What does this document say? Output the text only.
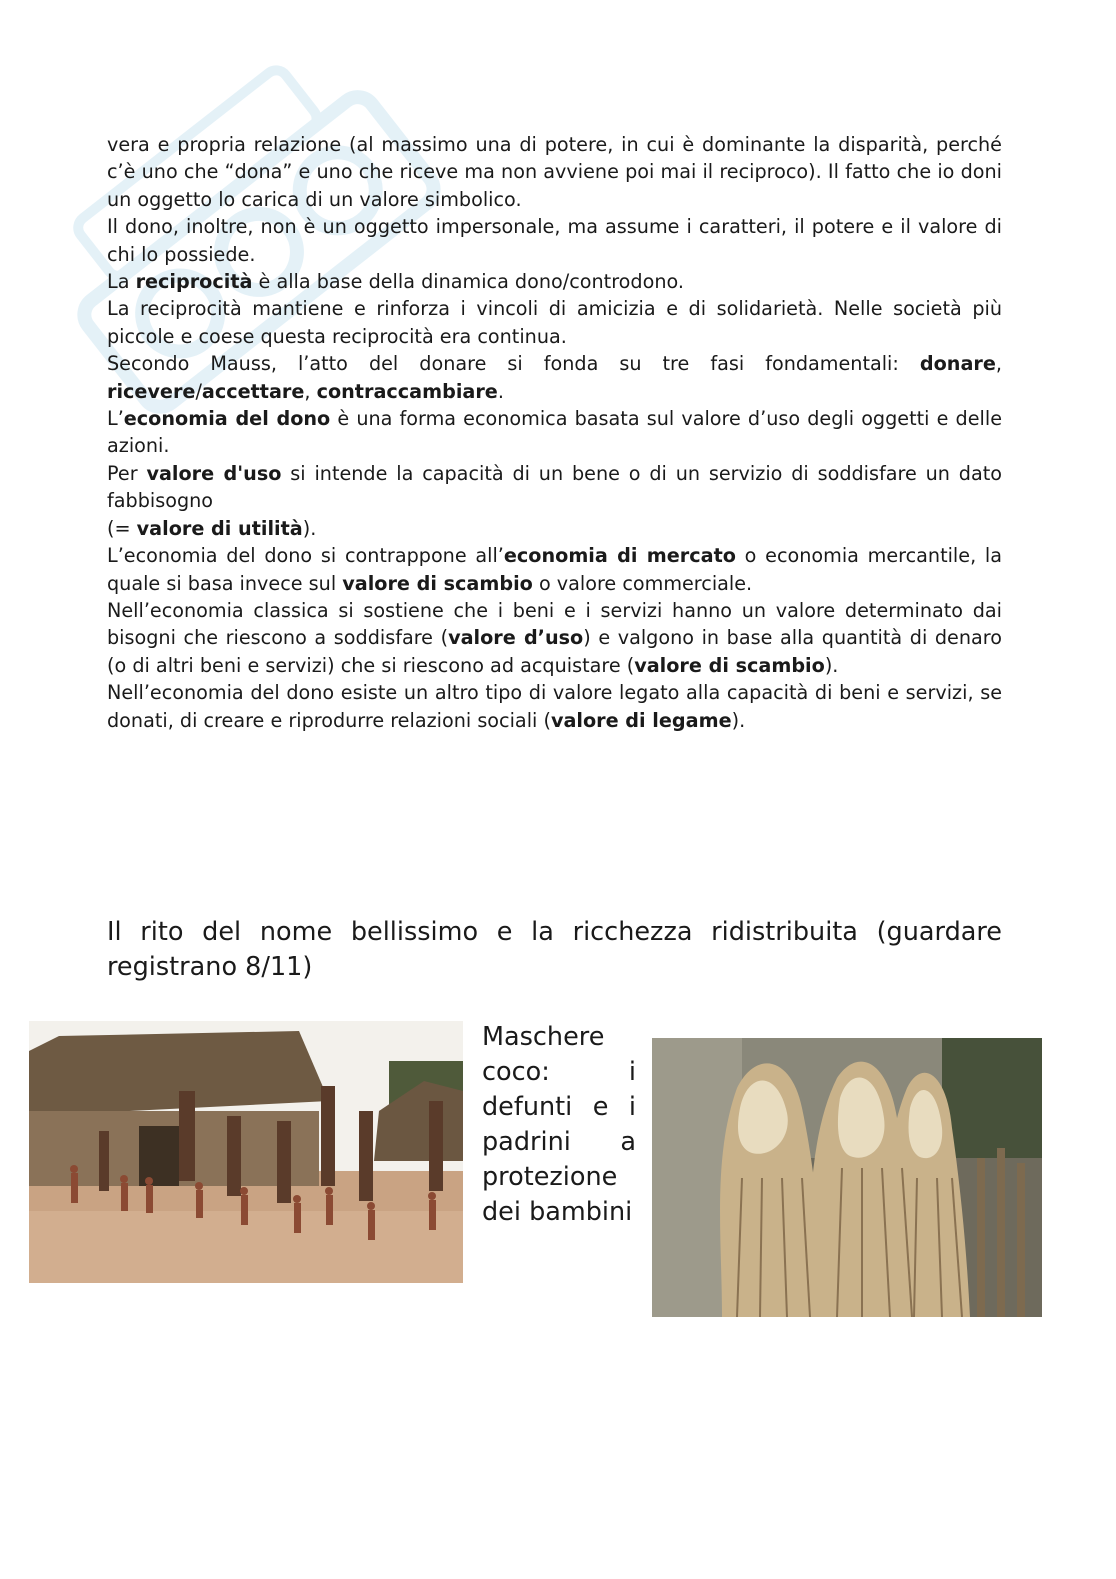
vera e propria relazione (al massimo una di potere, in cui è dominante la disparità, perché c’è uno che “dona” e uno che riceve ma non avviene poi mai il reciproco). Il fatto che io doni un oggetto lo carica di un valore simbolico.

Il dono, inoltre, non è un oggetto impersonale, ma assume i caratteri, il potere e il valore di chi lo possiede.

La reciprocità è alla base della dinamica dono/controdono.

La reciprocità mantiene e rinforza i vincoli di amicizia e di solidarietà. Nelle società più piccole e coese questa reciprocità era continua.

Secondo Mauss, l’atto del donare si fonda su tre fasi fondamentali: donare, ricevere/accettare, contraccambiare.

L’economia del dono è una forma economica basata sul valore d’uso degli oggetti e delle azioni.

Per valore d'uso si intende la capacità di un bene o di un servizio di soddisfare un dato fabbisogno

(= valore di utilità).

L’economia del dono si contrappone all’economia di mercato o economia mercantile, la quale si basa invece sul valore di scambio o valore commerciale.

Nell’economia classica si sostiene che i beni e i servizi hanno un valore determinato dai bisogni che riescono a soddisfare (valore d’uso) e valgono in base alla quantità di denaro (o di altri beni e servizi) che si riescono ad acquistare (valore di scambio).

Nell’economia del dono esiste un altro tipo di valore legato alla capacità di beni e servizi, se donati, di creare e riprodurre relazioni sociali (valore di legame).

Il rito del nome bellissimo e la ricchezza ridistribuita (guardare registrano 8/11)

Maschere coco: i defunti e i padrini a protezione dei bambini
